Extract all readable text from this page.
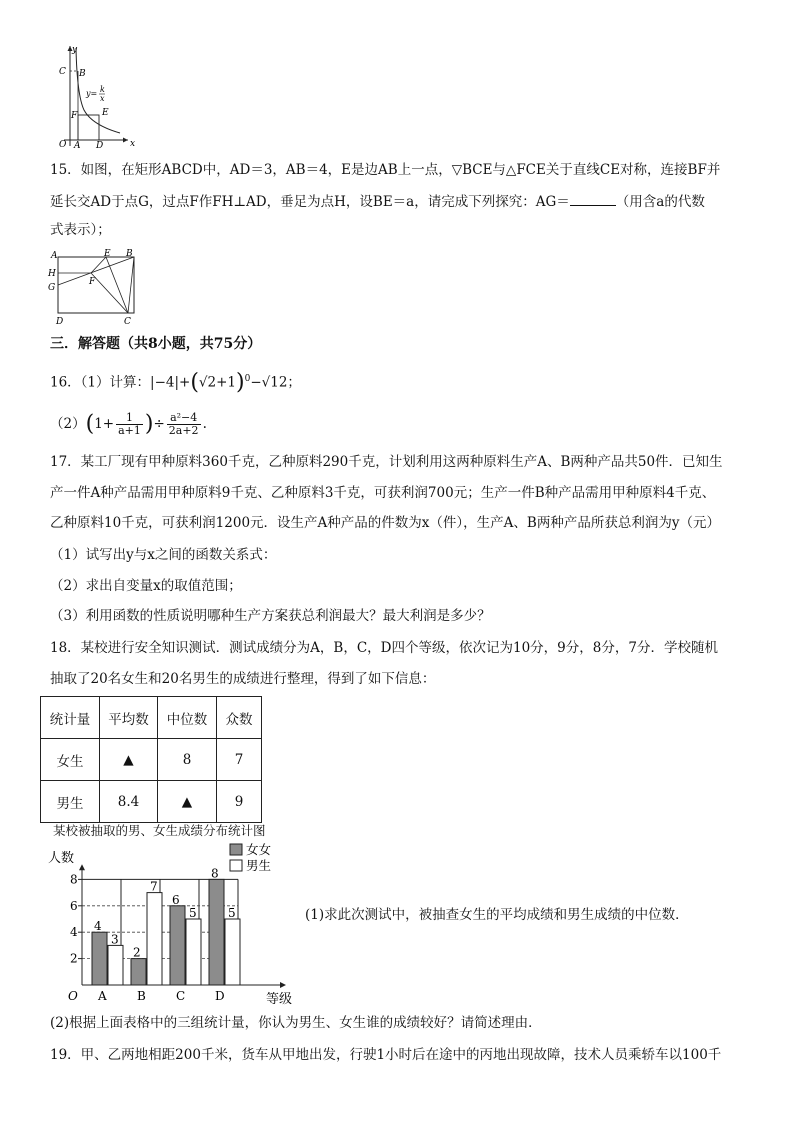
y
x
O
C B
F	E
A D
y= k
x
15．如图，在矩形ABCD中，AD＝3，AB＝4，E是边AB上一点，▽BCE与△FCE关于直线CE对称，连接BF并
延长交AD于点G，过点F作FH⊥AD，垂足为点H，设BE＝a，请完成下列探究：AG＝	（用含a的代数
式表示）；
A	E B
H
F
G
D	C
三．解答题（共8小题，共75分）
16．（1）计算：$|-4|+(√2+1)^0-√12$；
$(2)(1+ \frac{1}{a+1}$ )÷ $\frac{\text{a²−4}}{2a+2}$ .
17．某工厂现有甲种原料360千克，乙种原料290千克，计划利用这两种原料生产A、B两种产品共50件．已知生
产一件A种产品需用甲种原料9千克、乙种原料3千克，可获利润700元；生产一件B种产品需用甲种原料4千克、
乙种原料10千克，可获利润1200元．设生产A种产品的件数为x（件），生产A、B两种产品所获总利润为y（元）
（1）试写出y与x之间的函数关系式：
（2）求出自变量x的取值范围；
（3）利用函数的性质说明哪种生产方案获总利润最大？最大利润是多少？
18．某校进行安全知识测试．测试成绩分为A，B，C，D四个等级，依次记为10分，9分，8分，7分．学校随机
抽取了20名女生和20名男生的成绩进行整理，得到了如下信息：
统计量	平均数	中位数	众数
女生	▲	8	7
男生	8.4	▲	9
某校被抽取的男、女生成绩分布统计图
2
4
6
8
人数
等级
O
4
3
A
2
7
B
6
5
C
8
5
D
女女
男生
(1)求此次测试中，被抽查女生的平均成绩和男生成绩的中位数．
(2)根据上面表格中的三组统计量，你认为男生、女生谁的成绩较好？请简述理由．
19．甲、乙两地相距200千米，货车从甲地出发，行驶1小时后在途中的丙地出现故障，技术人员乘轿车以100千
